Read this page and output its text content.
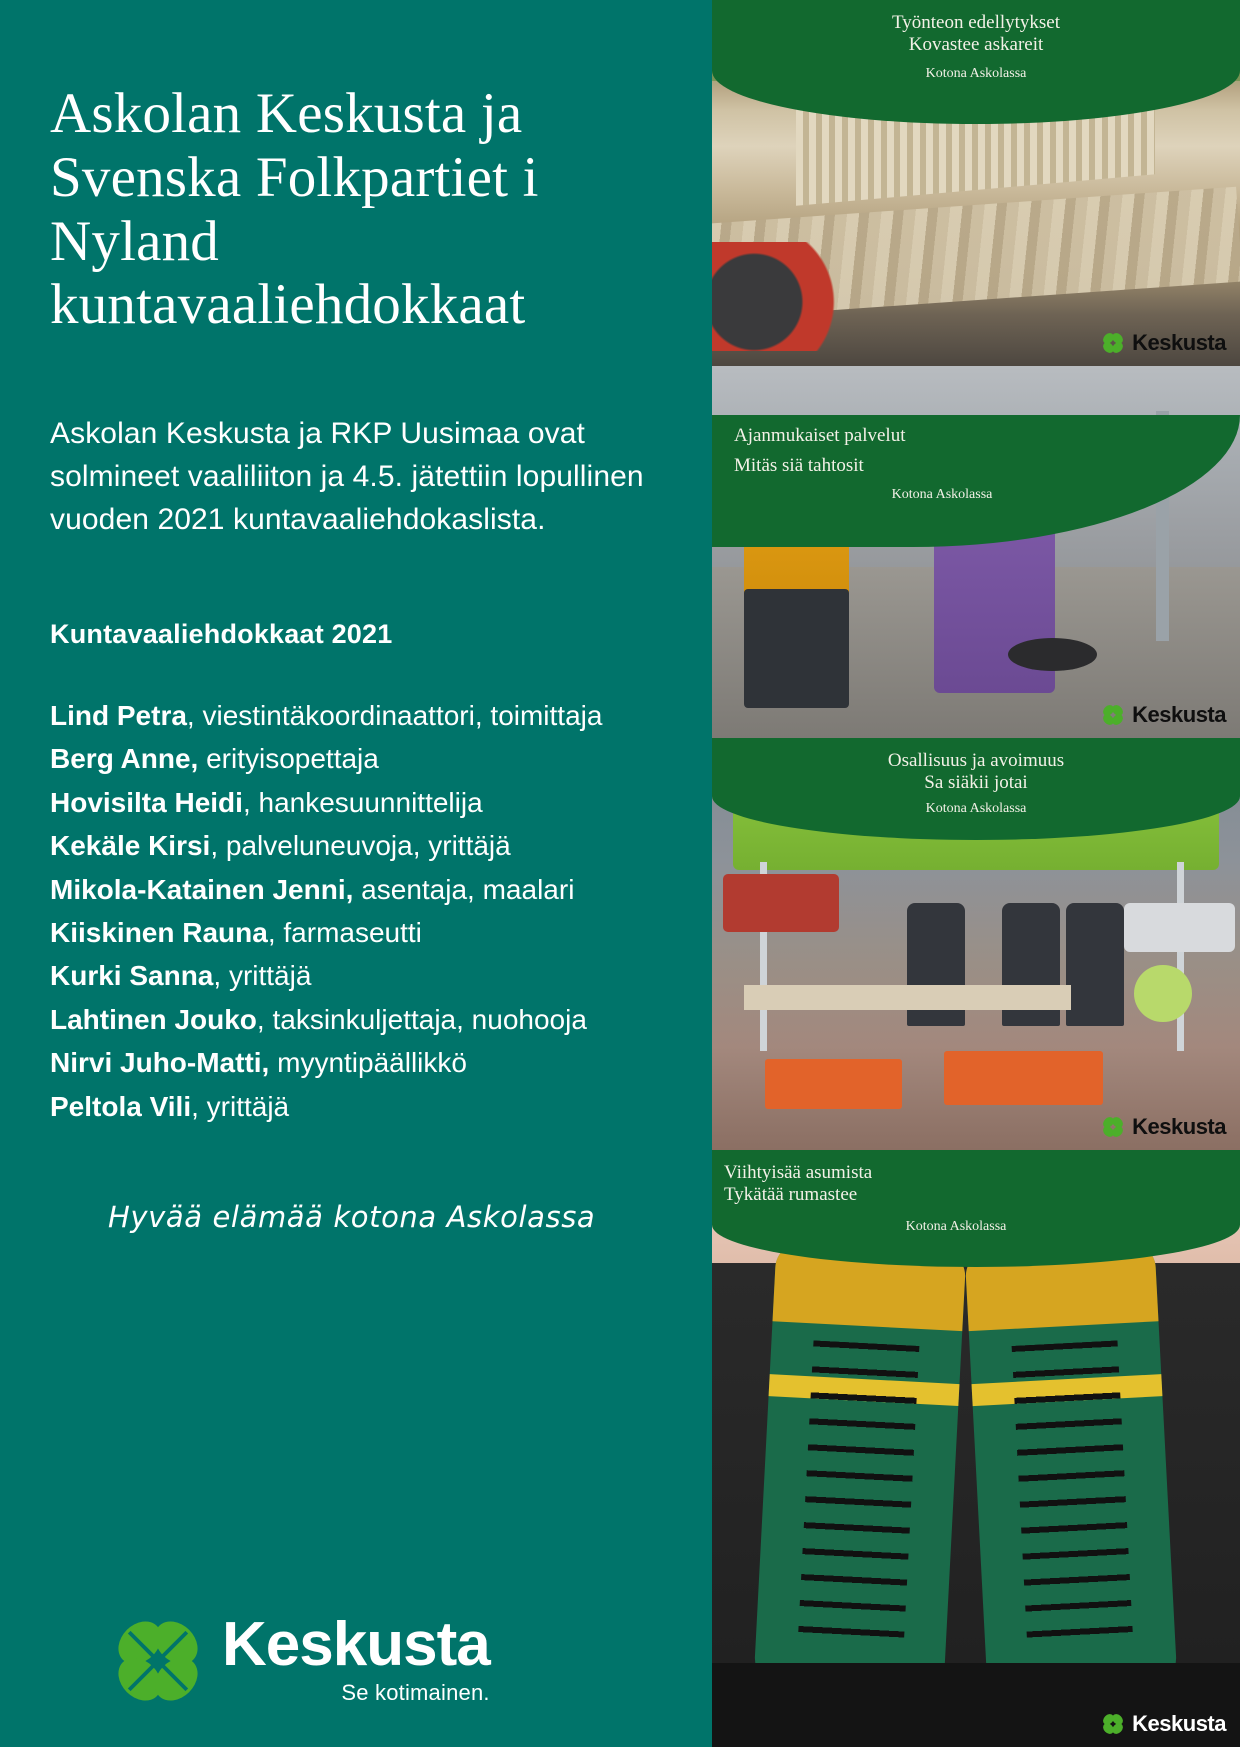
Askolan Keskusta ja Svenska Folkpartiet i Nyland kuntavaaliehdokkaat

Askolan Keskusta ja RKP Uusimaa ovat solmineet vaaliliiton ja 4.5. jätettiin lopullinen vuoden 2021 kuntavaaliehdokaslista.

Kuntavaaliehdokkaat 2021
Lind Petra, viestintäkoordinaattori, toimittaja
Berg Anne, erityisopettaja
Hovisilta Heidi, hankesuunnittelija
Kekäle Kirsi, palveluneuvoja, yrittäjä
Mikola-Katainen Jenni, asentaja, maalari
Kiiskinen Rauna, farmaseutti
Kurki Sanna, yrittäjä
Lahtinen Jouko, taksinkuljettaja, nuohooja
Nirvi Juho-Matti, myyntipäällikkö
Peltola Vili, yrittäjä

Hyvää elämää kotona Askolassa

Keskusta
Se kotimainen.

Työnteon edellytykset

Kovastee askareit

Kotona Askolassa

Keskusta

Ajanmukaiset palvelut

Mitäs siä tahtosit

Kotona Askolassa

Keskusta

Osallisuus ja avoimuus

Sa siäkii jotai

Kotona Askolassa

Keskusta

Viihtyisää asumista

Tykätää rumastee

Kotona Askolassa

Keskusta
